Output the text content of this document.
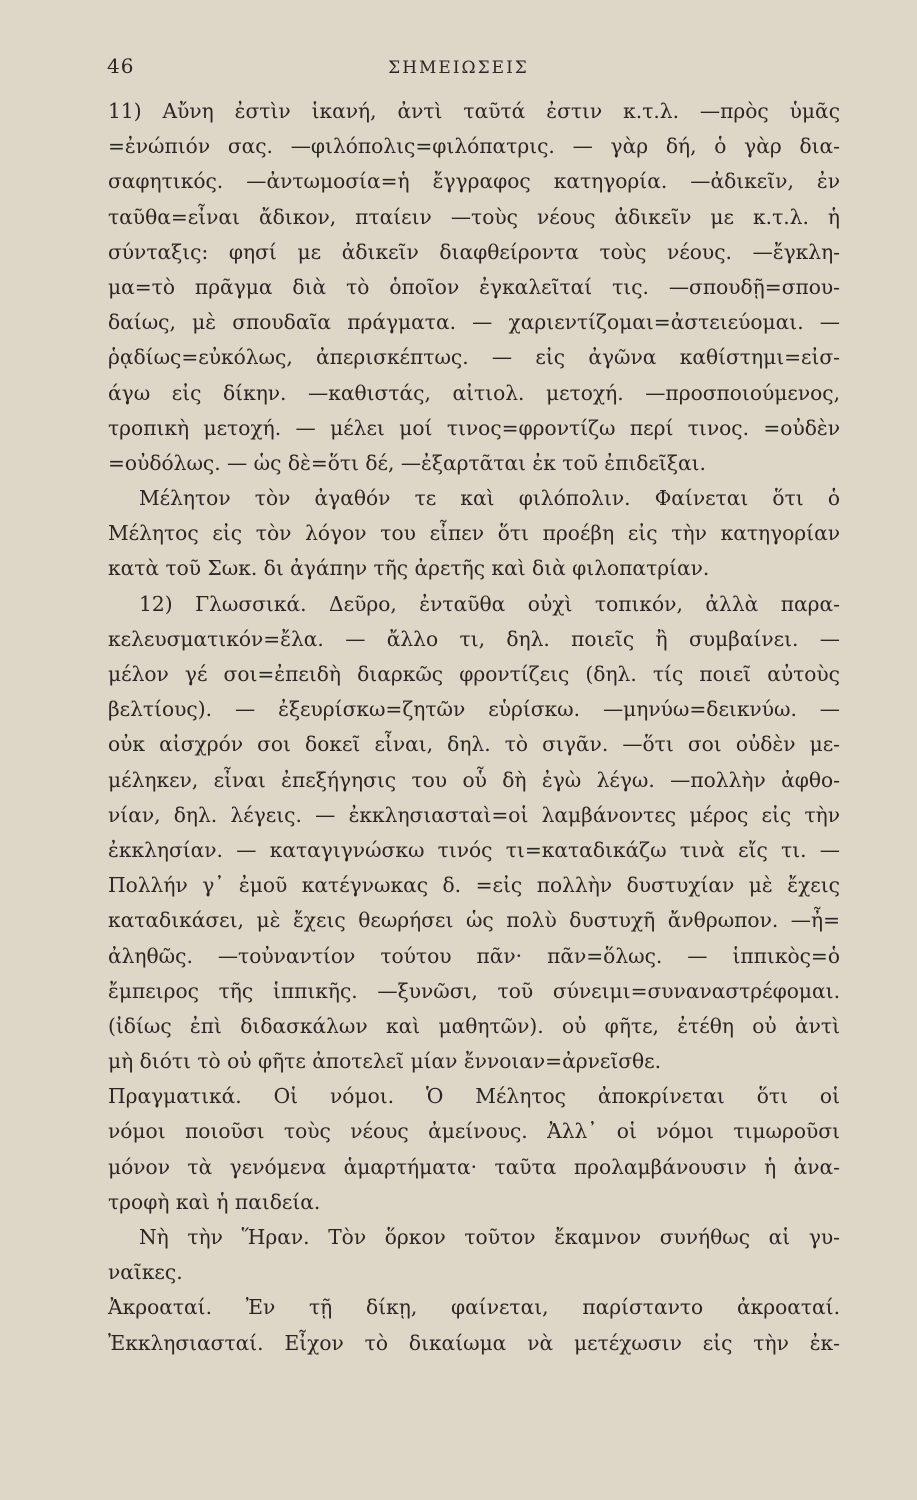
46	ΣΗΜΕΙΩΣΕΙΣ
11) Αὔνη ἐστὶν ἱκανή, ἀντὶ ταῦτά ἐστιν κ.τ.λ. —πρὸς ὑμᾶς
=ἐνώπιόν σας. —φιλόπολις=φιλόπατρις. — γὰρ δή, ὁ γὰρ δια-
σαφητικός. —ἀντωμοσία=ἡ ἔγγραφος κατηγορία. —ἀδικεῖν, ἐν
ταῦθα=εἶναι ἄδικον, πταίειν —τοὺς νέους ἀδικεῖν με κ.τ.λ. ἡ
σύνταξις: φησί με ἀδικεῖν διαφθείροντα τοὺς νέους. —ἔγκλη-
μα=τὸ πρᾶγμα διὰ τὸ ὁποῖον ἐγκαλεῖταί τις. —σπουδῇ=σπου-
δαίως, μὲ σπουδαῖα πράγματα. — χαριεντίζομαι=ἀστειεύομαι. —
ῥᾳδίως=εὐκόλως, ἀπερισκέπτως. — εἰς ἀγῶνα καθίστημι=εἰσ-
άγω εἰς δίκην. —καθιστάς, αἰτιολ. μετοχή. —προσποιούμενος,
τροπικὴ μετοχή. — μέλει μοί τινος=φροντίζω περί τινος. =οὐδὲν
=οὐδόλως. — ὡς δὲ=ὅτι δέ, —ἐξαρτᾶται ἐκ τοῦ ἐπιδεῖξαι.
Μέλητον τὸν ἀγαθόν τε καὶ φιλόπολιν. Φαίνεται ὅτι ὁ
Μέλητος εἰς τὸν λόγον του εἶπεν ὅτι προέβη εἰς τὴν κατηγορίαν
κατὰ τοῦ Σωκ. δι ἀγάπην τῆς ἀρετῆς καὶ διὰ φιλοπατρίαν.
12) Γλωσσικά. Δεῦρο, ἐνταῦθα οὐχὶ τοπικόν, ἀλλὰ παρα-
κελευσματικόν=ἔλα. — ἄλλο τι, δηλ. ποιεῖς ἢ συμβαίνει. —
μέλον γέ σοι=ἐπειδὴ διαρκῶς φροντίζεις (δηλ. τίς ποιεῖ αὐτοὺς
βελτίους). — ἐξευρίσκω=ζητῶν εὑρίσκω. —μηνύω=δεικνύω. —
οὐκ αἰσχρόν σοι δοκεῖ εἶναι, δηλ. τὸ σιγᾶν. —ὅτι σοι οὐδὲν με-
μέληκεν, εἶναι ἐπεξήγησις του οὗ δὴ ἐγὼ λέγω. —πολλὴν ἀφθο-
νίαν, δηλ. λέγεις. — ἐκκλησιασταὶ=οἱ λαμβάνοντες μέρος εἰς τὴν
ἐκκλησίαν. — καταγιγνώσκω τινός τι=καταδικάζω τινὰ εἴς τι. —
Πολλήν γ᾽ ἐμοῦ κατέγνωκας δ. =εἰς πολλὴν δυστυχίαν μὲ ἔχεις
καταδικάσει, μὲ ἔχεις θεωρήσει ὡς πολὺ δυστυχῆ ἄνθρωπον. —ἦ=
ἀληθῶς. —τοὐναντίον τούτου πᾶν· πᾶν=ὅλως. — ἱππικὸς=ὁ
ἔμπειρος τῆς ἱππικῆς. —ξυνῶσι, τοῦ σύνειμι=συναναστρέφομαι.
(ἰδίως ἐπὶ διδασκάλων καὶ μαθητῶν). οὐ φῆτε, ἐτέθη οὐ ἀντὶ
μὴ διότι τὸ οὐ φῆτε ἀποτελεῖ μίαν ἔννοιαν=ἀρνεῖσθε.
Πραγματικά. Οἱ νόμοι. Ὁ Μέλητος ἀποκρίνεται ὅτι οἱ
νόμοι ποιοῦσι τοὺς νέους ἀμείνους. Ἀλλ᾽ οἱ νόμοι τιμωροῦσι
μόνον τὰ γενόμενα ἁμαρτήματα· ταῦτα προλαμβάνουσιν ἡ ἀνα-
τροφὴ καὶ ἡ παιδεία.
Νὴ τὴν Ἥραν. Τὸν ὅρκον τοῦτον ἔκαμνον συνήθως αἱ γυ-
ναῖκες.
Ἀκροαταί. Ἐν τῇ δίκῃ, φαίνεται, παρίσταντο ἀκροαταί.
Ἐκκλησιασταί. Εἶχον τὸ δικαίωμα νὰ μετέχωσιν εἰς τὴν ἐκ-
